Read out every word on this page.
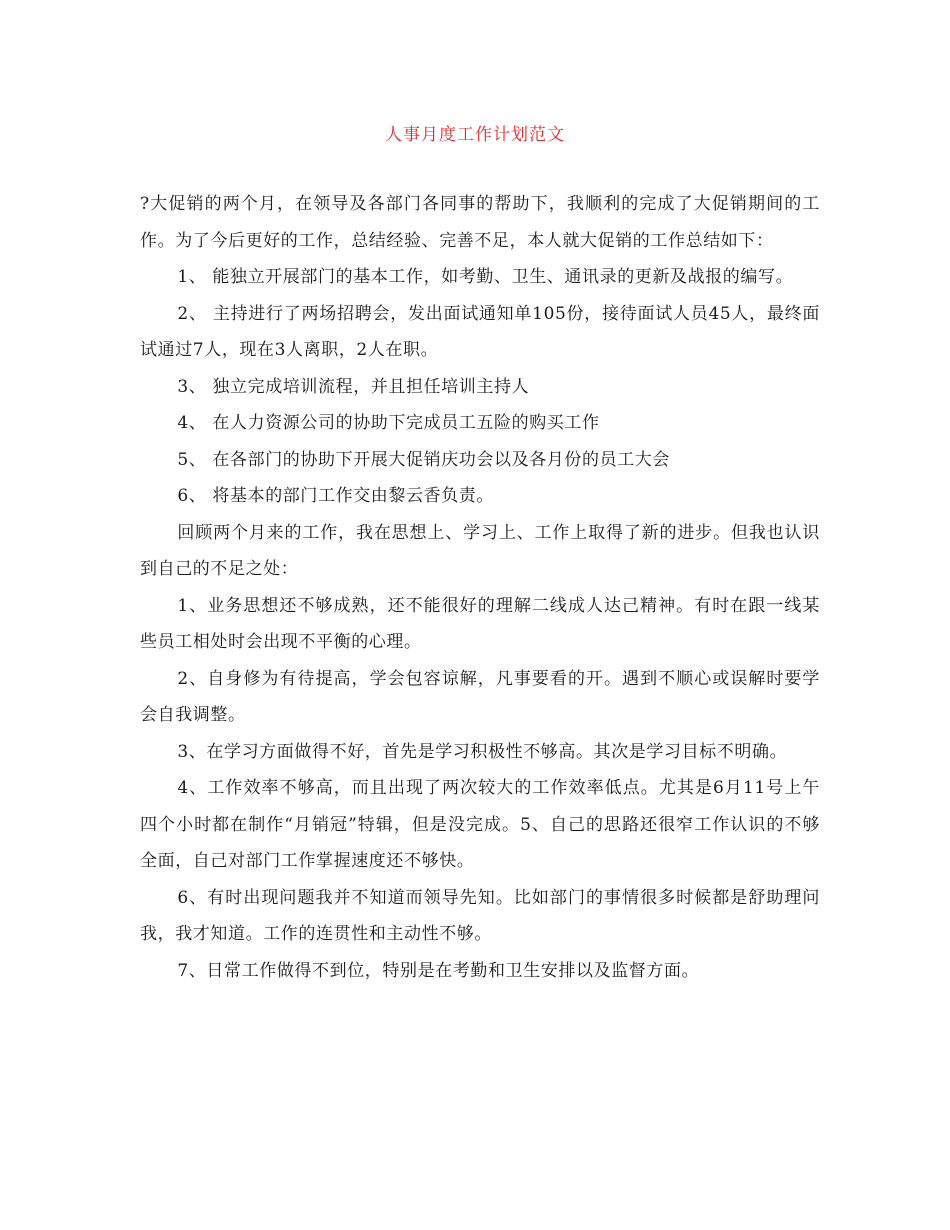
人事月度工作计划范文

?大促销的两个月，在领导及各部门各同事的帮助下，我顺利的完成了大促销期间的工作。为了今后更好的工作，总结经验、完善不足，本人就大促销的工作总结如下：

1、 能独立开展部门的基本工作，如考勤、卫生、通讯录的更新及战报的编写。

2、 主持进行了两场招聘会，发出面试通知单105份，接待面试人员45人，最终面试通过7人，现在3人离职，2人在职。

3、 独立完成培训流程，并且担任培训主持人

4、 在人力资源公司的协助下完成员工五险的购买工作

5、 在各部门的协助下开展大促销庆功会以及各月份的员工大会

6、 将基本的部门工作交由黎云香负责。

回顾两个月来的工作，我在思想上、学习上、工作上取得了新的进步。但我也认识到自己的不足之处：

1、业务思想还不够成熟，还不能很好的理解二线成人达己精神。有时在跟一线某些员工相处时会出现不平衡的心理。

2、自身修为有待提高，学会包容谅解，凡事要看的开。遇到不顺心或误解时要学会自我调整。

3、在学习方面做得不好，首先是学习积极性不够高。其次是学习目标不明确。

4、工作效率不够高，而且出现了两次较大的工作效率低点。尤其是6月11号上午四个小时都在制作“月销冠”特辑，但是没完成。5、自己的思路还很窄工作认识的不够全面，自己对部门工作掌握速度还不够快。

6、有时出现问题我并不知道而领导先知。比如部门的事情很多时候都是舒助理问我，我才知道。工作的连贯性和主动性不够。

7、日常工作做得不到位，特别是在考勤和卫生安排以及监督方面。
